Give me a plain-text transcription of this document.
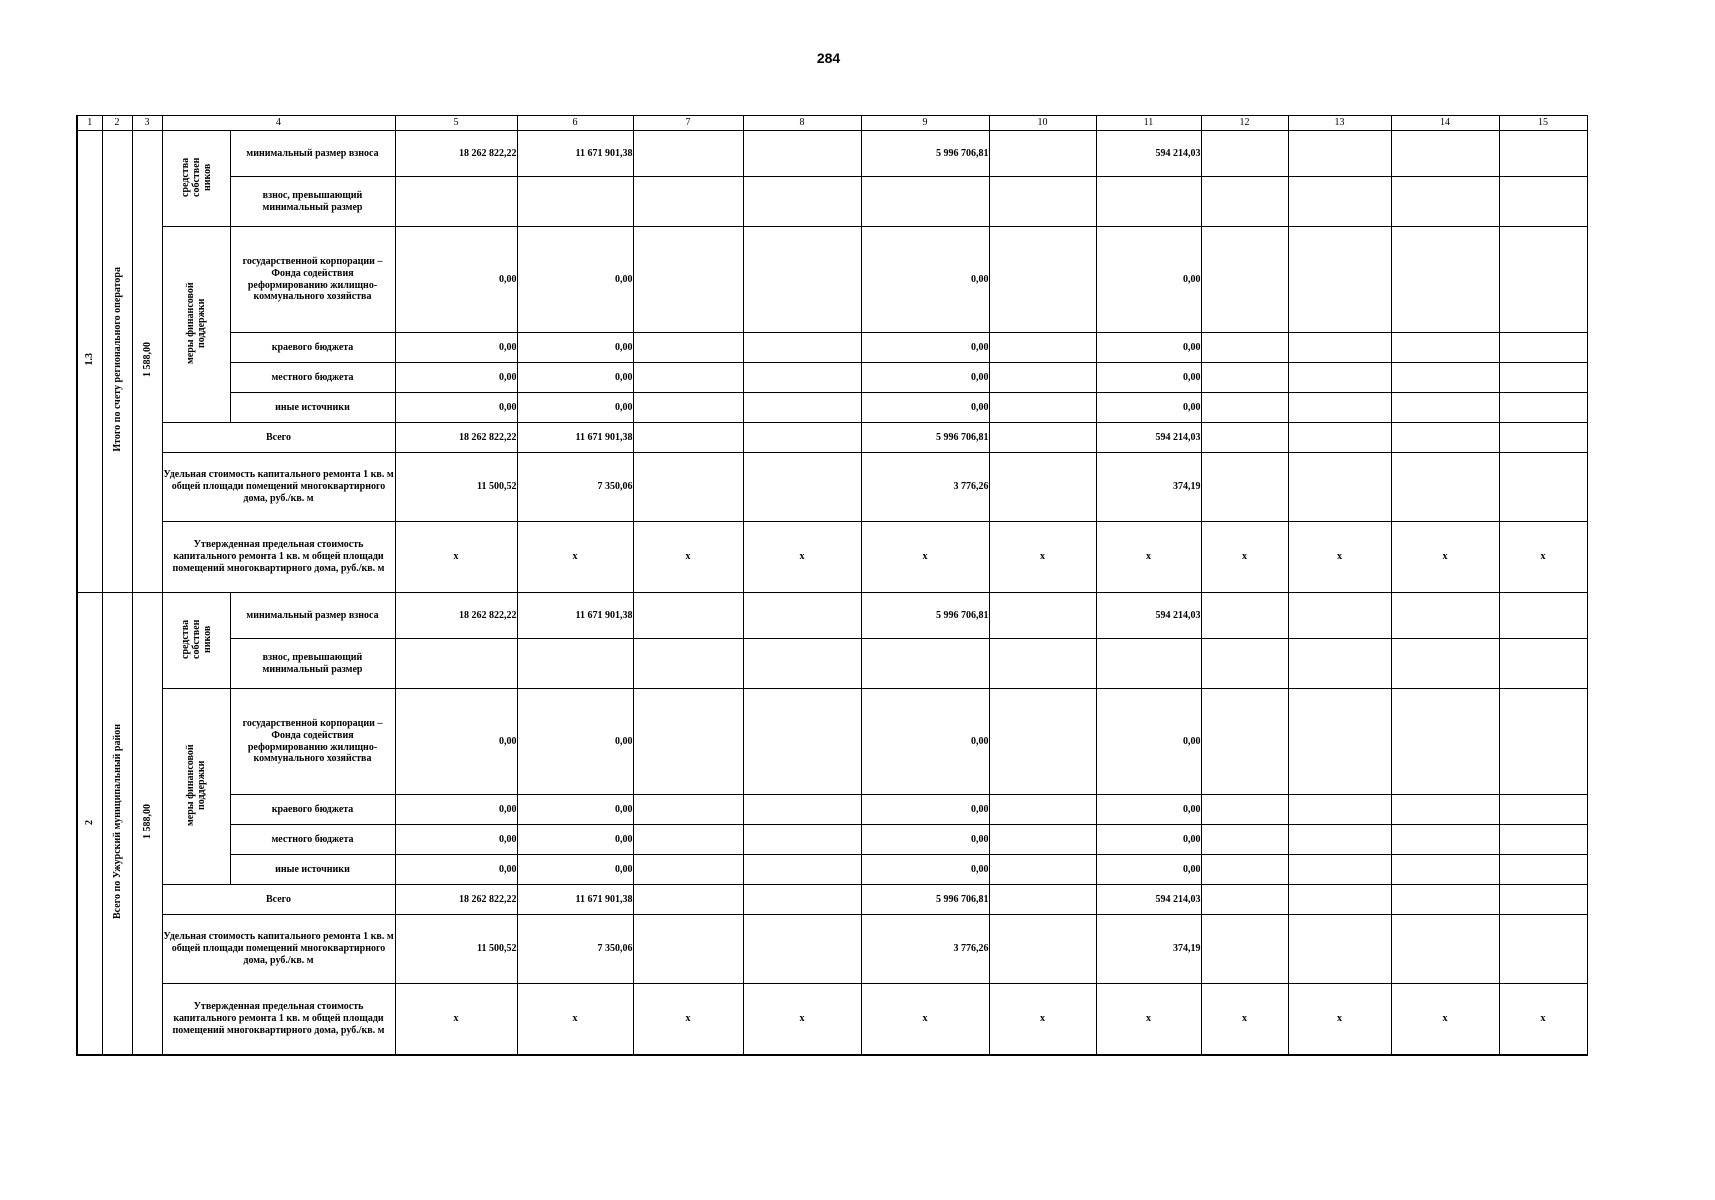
284
1	2	3	4		5	6	7	8	9	10	11	12	13	14	15
1.3	Итого по счету регионального оператора	1 588,00	средства собствен ников	минимальный размер взноса	18 262 822,22	11 671 901,38			5 996 706,81		594 214,03				
				взнос, превышающий минимальный размер											
			меры финансовой поддержки	государственной корпорации – Фонда содействия реформированию жилищно-коммунального хозяйства	0,00	0,00			0,00		0,00				
				краевого бюджета	0,00	0,00			0,00		0,00				
				местного бюджета	0,00	0,00			0,00		0,00				
				иные источники	0,00	0,00			0,00		0,00				
			Всего		18 262 822,22	11 671 901,38			5 996 706,81		594 214,03				
			Удельная стоимость капитального ремонта 1 кв. м общей площади помещений многоквартирного дома, руб./кв. м		11 500,52	7 350,06			3 776,26		374,19				
			Утвержденная предельная стоимость капитального ремонта 1 кв. м общей площади помещений многоквартирного дома, руб./кв. м		x	x	x	x	x	x	x	x	x	x	x
2	Всего по Ужурский муниципальный район	1 588,00	средства собствен ников	минимальный размер взноса	18 262 822,22	11 671 901,38			5 996 706,81		594 214,03				
				взнос, превышающий минимальный размер											
			меры финансовой поддержки	государственной корпорации – Фонда содействия реформированию жилищно-коммунального хозяйства	0,00	0,00			0,00		0,00				
				краевого бюджета	0,00	0,00			0,00		0,00				
				местного бюджета	0,00	0,00			0,00		0,00				
				иные источники	0,00	0,00			0,00		0,00				
			Всего		18 262 822,22	11 671 901,38			5 996 706,81		594 214,03				
			Удельная стоимость капитального ремонта 1 кв. м общей площади помещений многоквартирного дома, руб./кв. м		11 500,52	7 350,06			3 776,26		374,19				
			Утвержденная предельная стоимость капитального ремонта 1 кв. м общей площади помещений многоквартирного дома, руб./кв. м		x	x	x	x	x	x	x	x	x	x	x
